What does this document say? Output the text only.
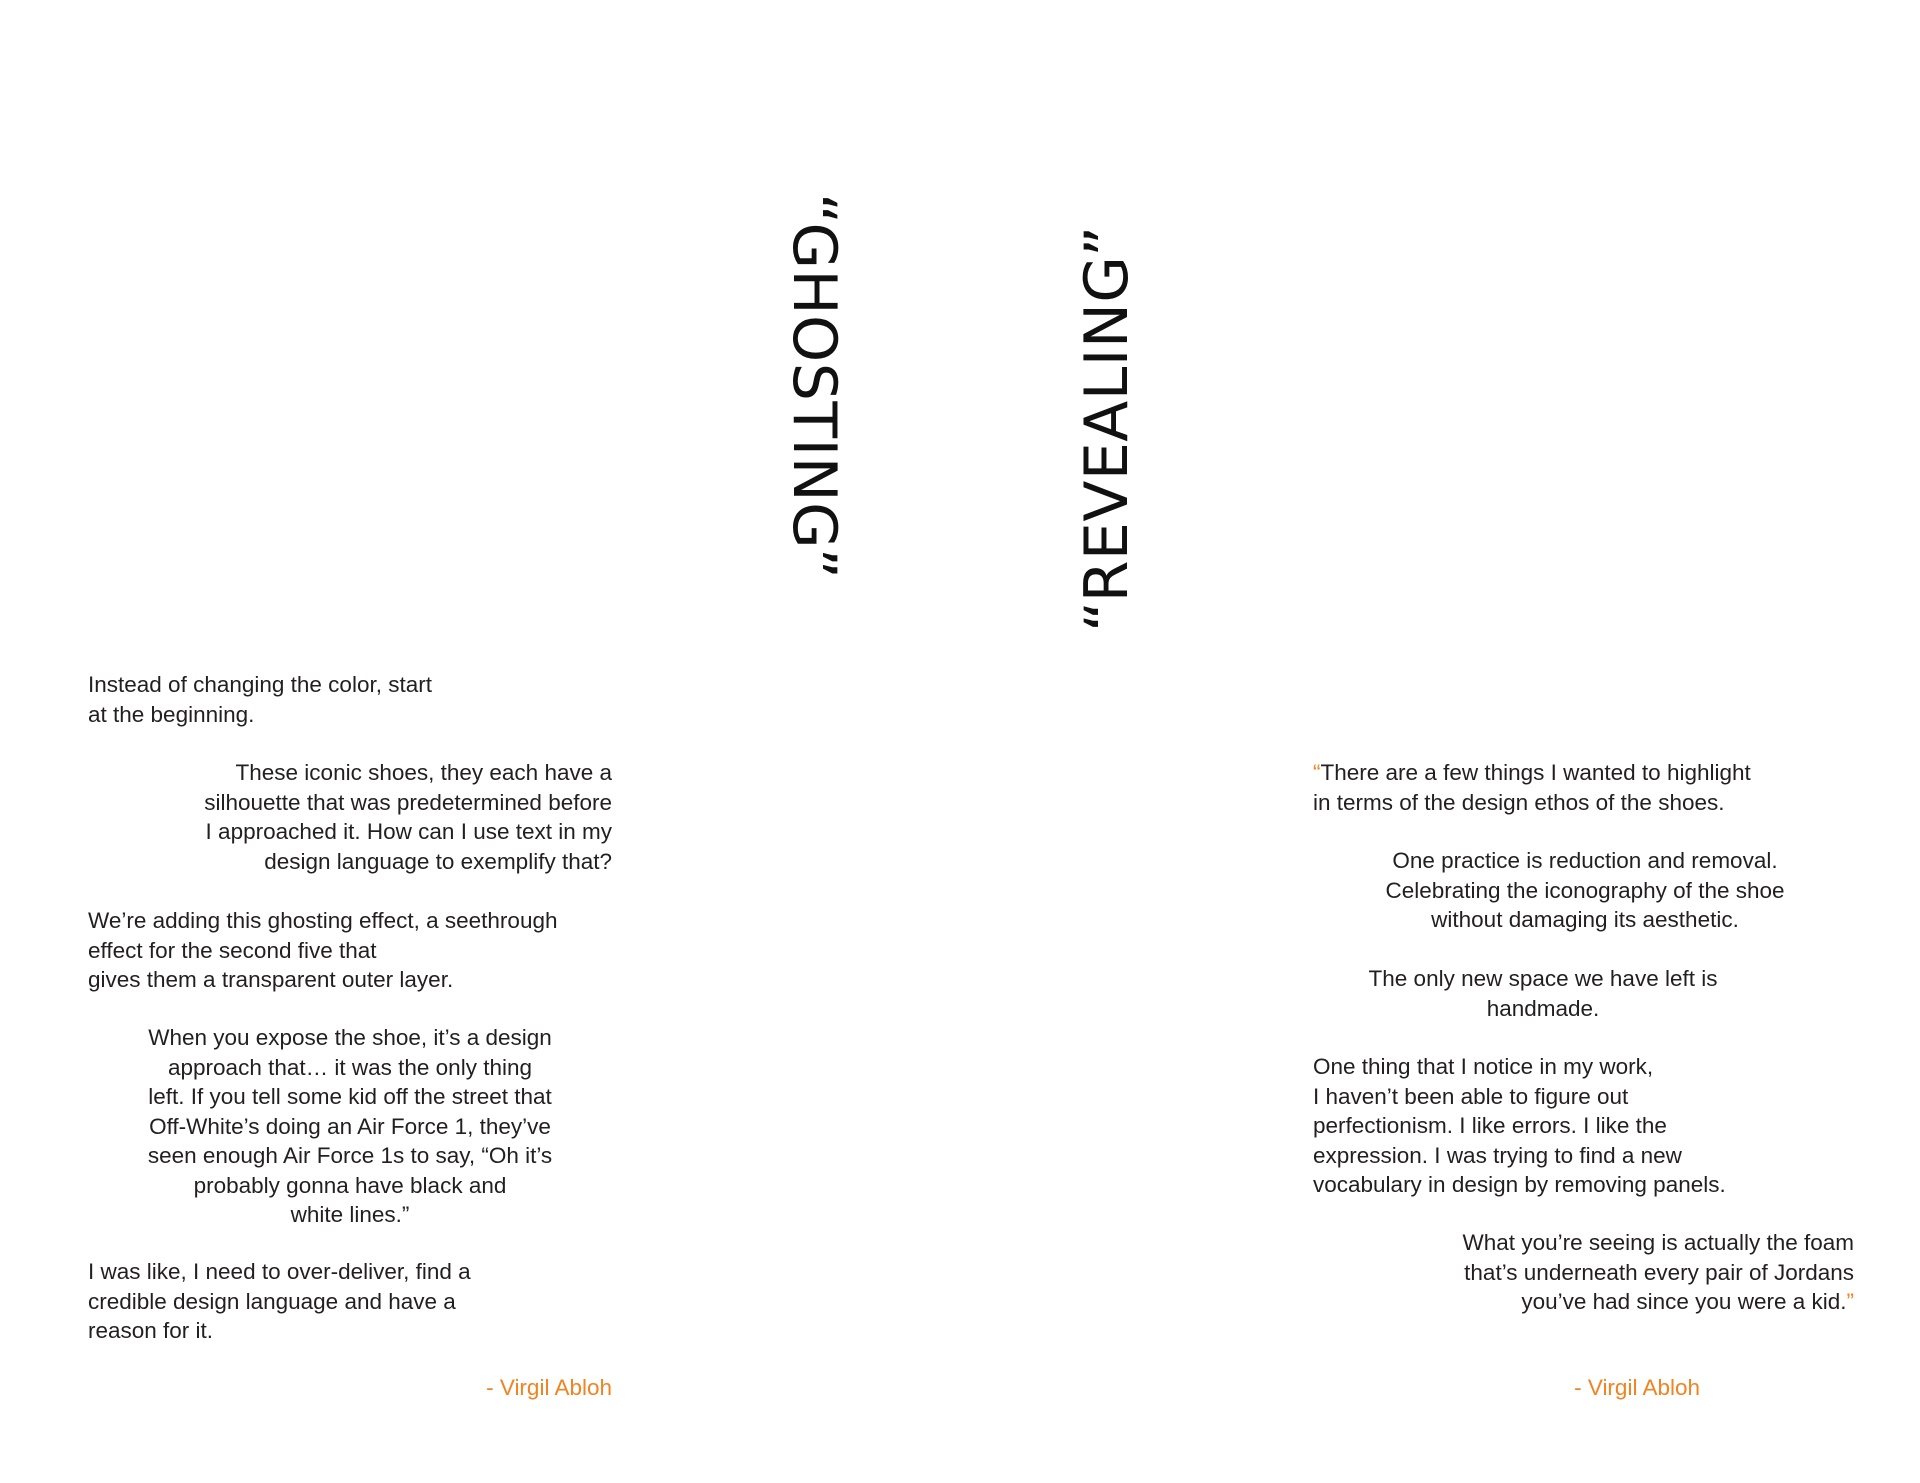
“GHOSTING”	“REVEALING”
Instead of changing the color, start
at the beginning.
These iconic shoes, they each have a
silhouette that was predetermined before
I approached it. How can I use text in my
design language to exemplify that?
We’re adding this ghosting effect, a seethrough
effect for the second five that
gives them a transparent outer layer.
When you expose the shoe, it’s a design
approach that… it was the only thing
left. If you tell some kid off the street that
Off-White’s doing an Air Force 1, they’ve
seen enough Air Force 1s to say, “Oh it’s
probably gonna have black and
white lines.”
I was like, I need to over-deliver, find a
credible design language and have a
reason for it.
- Virgil Abloh
“There are a few things I wanted to highlight
in terms of the design ethos of the shoes.
One practice is reduction and removal.
Celebrating the iconography of the shoe
without damaging its aesthetic.
The only new space we have left is
handmade.
One thing that I notice in my work,
I haven’t been able to figure out
perfectionism. I like errors. I like the
expression. I was trying to find a new
vocabulary in design by removing panels.
What you’re seeing is actually the foam
that’s underneath every pair of Jordans
you’ve had since you were a kid.”
- Virgil Abloh
